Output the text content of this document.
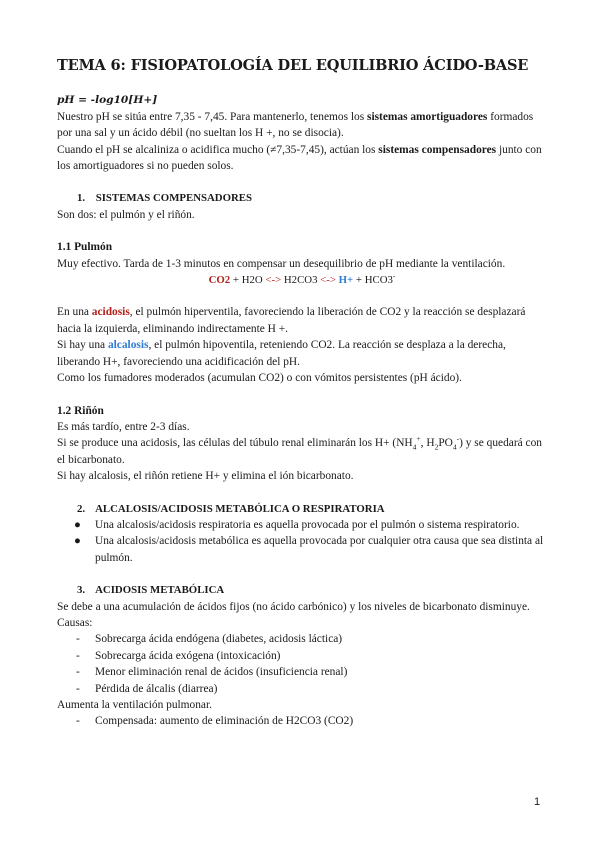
TEMA 6: FISIOPATOLOGÍA DEL EQUILIBRIO ÁCIDO-BASE

pH = -log10[H+]

Nuestro pH se sitúa entre 7,35 - 7,45. Para mantenerlo, tenemos los sistemas amortiguadores formados por una sal y un ácido débil (no sueltan los H +, no se disocia).

Cuando el pH se alcaliniza o acidifica mucho (≠7,35-7,45), actúan los sistemas compensadores junto con los amortiguadores si no pueden solos.

1. SISTEMAS COMPENSADORES

Son dos: el pulmón y el riñón.

1.1 Pulmón

Muy efectivo. Tarda de 1-3 minutos en compensar un desequilibrio de pH mediante la ventilación.

CO2 + H2O <-> H2CO3 <-> H+ + HCO3-

En una acidosis, el pulmón hiperventila, favoreciendo la liberación de CO2 y la reacción se desplazará hacia la izquierda, eliminando indirectamente H +.

Si hay una alcalosis, el pulmón hipoventila, reteniendo CO2. La reacción se desplaza a la derecha, liberando H+, favoreciendo una acidificación del pH.

Como los fumadores moderados (acumulan CO2) o con vómitos persistentes (pH ácido).

1.2 Riñón

Es más tardío, entre 2-3 días.

Si se produce una acidosis, las células del túbulo renal eliminarán los $H+ (NH_4^+$, $H_2PO_4^-$) y se quedará con el bicarbonato.

Si hay alcalosis, el riñón retiene H+ y elimina el ión bicarbonato.

2. ALCALOSIS/ACIDOSIS METABÓLICA O RESPIRATORIA

● Una alcalosis/acidosis respiratoria es aquella provocada por el pulmón o sistema respiratorio.
● Una alcalosis/acidosis metabólica es aquella provocada por cualquier otra causa que sea distinta al pulmón.

3. ACIDOSIS METABÓLICA

Se debe a una acumulación de ácidos fijos (no ácido carbónico) y los niveles de bicarbonato disminuye.

Causas:

- Sobrecarga ácida endógena (diabetes, acidosis láctica)
- Sobrecarga ácida exógena (intoxicación)
- Menor eliminación renal de ácidos (insuficiencia renal)
- Pérdida de álcalis (diarrea)

Aumenta la ventilación pulmonar.

- Compensada: aumento de eliminación de H2CO3 (CO2)
1
